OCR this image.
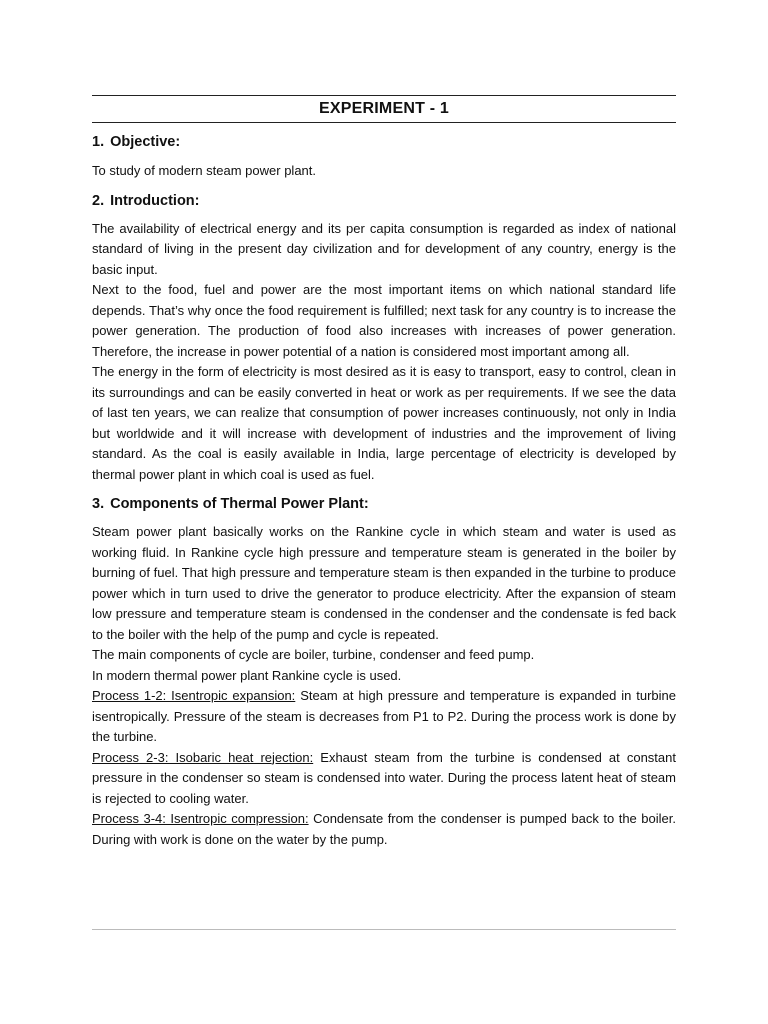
EXPERIMENT - 1
1. Objective:

To study of modern steam power plant.

2. Introduction:

The availability of electrical energy and its per capita consumption is regarded as index of national standard of living in the present day civilization and for development of any country, energy is the basic input.

Next to the food, fuel and power are the most important items on which national standard life depends. That’s why once the food requirement is fulfilled; next task for any country is to increase the power generation. The production of food also increases with increases of power generation. Therefore, the increase in power potential of a nation is considered most important among all.

The energy in the form of electricity is most desired as it is easy to transport, easy to control, clean in its surroundings and can be easily converted in heat or work as per requirements. If we see the data of last ten years, we can realize that consumption of power increases continuously, not only in India but worldwide and it will increase with development of industries and the improvement of living standard. As the coal is easily available in India, large percentage of electricity is developed by thermal power plant in which coal is used as fuel.

3. Components of Thermal Power Plant:

Steam power plant basically works on the Rankine cycle in which steam and water is used as working fluid. In Rankine cycle high pressure and temperature steam is generated in the boiler by burning of fuel. That high pressure and temperature steam is then expanded in the turbine to produce power which in turn used to drive the generator to produce electricity. After the expansion of steam low pressure and temperature steam is condensed in the condenser and the condensate is fed back to the boiler with the help of the pump and cycle is repeated.

The main components of cycle are boiler, turbine, condenser and feed pump.

In modern thermal power plant Rankine cycle is used.

Process 1-2: Isentropic expansion: Steam at high pressure and temperature is expanded in turbine isentropically. Pressure of the steam is decreases from P1 to P2. During the process work is done by the turbine.

Process 2-3: Isobaric heat rejection: Exhaust steam from the turbine is condensed at constant pressure in the condenser so steam is condensed into water. During the process latent heat of steam is rejected to cooling water.

Process 3-4: Isentropic compression: Condensate from the condenser is pumped back to the boiler. During with work is done on the water by the pump.
